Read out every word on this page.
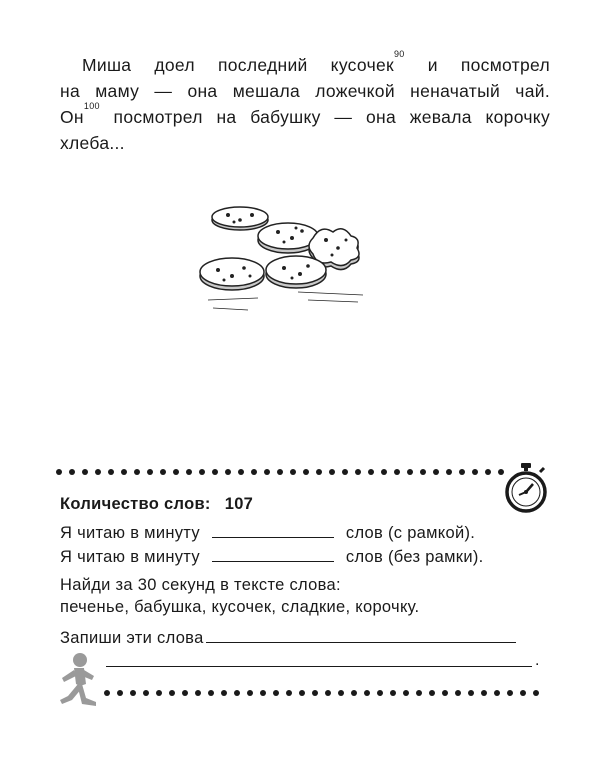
Миша доел последний кусочек$^{90}$ и посмотрел
на маму — она мешала ложечкой неначатый чай.
$Он^{100}$ посмотрел на бабушку — она жевала корочку
хлеба...
Количество слов: 107
Я читаю в минуту	слов (с рамкой).
Я читаю в минуту	слов (без рамки).
Найди за 30 секунд в тексте слова:
печенье, бабушка, кусочек, сладкие, корочку.
Запиши эти слова
.
